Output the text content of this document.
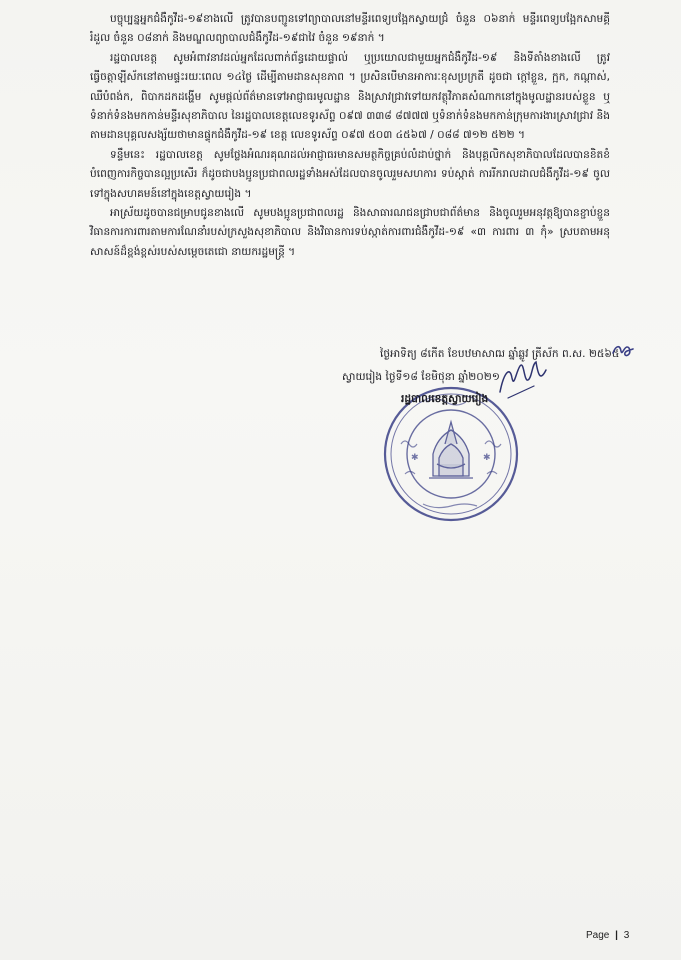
បច្ចុប្បន្នអ្នកជំងឺកូវីដ-១៩ខាងលើ ត្រូវបានបញ្ជូនទៅព្យាបាលនៅមន្ទីរពេទ្យបង្អែកស្វាយជ្រំ ចំនួន ០៦នាក់ មន្ទីរពេទ្យបង្អែកសាមគ្គីរំដួល ចំនួន ០៨នាក់ និងមណ្ឌលព្យាបាលជំងឺកូវីដ-១៩ជាវៃ ចំនួន ១៩នាក់ ។

រដ្ឋបាលខេត្ត សូមអំពាវនាវដល់អ្នកដែលពាក់ព័ន្ធដោយផ្ទាល់ ឬប្រយោលជាមួយអ្នកជំងឺកូវីដ-១៩ និងទីតាំងខាងលើ ត្រូវធ្វើចត្តាឡីស័កនៅតាមផ្ទះរយៈពេល ១៤ថ្ងៃ ដើម្បីតាមដានសុខភាព ។ ប្រសិនបើមានអាការៈខុសប្រក្រតី ដូចជា ក្តៅខ្លួន, ក្អក, កណ្តាស់, ឈឺបំពង់ក, ពិបាកដកដង្ហើម សូមផ្តល់ព័ត៌មានទៅអាជ្ញាធរមូលដ្ឋាន និងស្រាវជ្រាវទៅយកវត្ថុវិភាគសំណាកនៅក្នុងមូលដ្ឋានរបស់ខ្លួន ឬទំនាក់ទំនងមកកាន់មន្ទីរសុខាភិបាល នៃរដ្ឋបាលខេត្តលេខទូរស័ព្ទ ០៩៧ ៣៣៨ ៨៧៧៧ ឬទំនាក់ទំនងមកកាន់ក្រុមការងារស្រាវជ្រាវ និងតាមដានបុគ្គលសង្ស័យថាមានផ្ទុកជំងឺកូវីដ-១៩ ខេត្ត លេខទូរស័ព្ទ ០៩៧ ៥០៣ ៤៥៦៧ / ០៨៨ ៧១២ ៥២២ ។

ទន្ទឹមនេះ រដ្ឋបាលខេត្ត សូមថ្លែងអំណរគុណដល់អាជ្ញាធរមានសមត្ថកិច្ចគ្រប់លំដាប់ថ្នាក់ និងបុគ្គលិកសុខាភិបាលដែលបានខិតខំបំពេញការកិច្ចបានល្អប្រសើរ ក៏ដូចជាបងប្អូនប្រជាពលរដ្ឋទាំងអស់ដែលបានចូលរួមសហការ ទប់ស្កាត់ ការរីករាលដាលជំងឺកូវីដ-១៩ ចូលទៅក្នុងសហគមន៍នៅក្នុងខេត្តស្វាយរៀង ។

អាស្រ័យដូចបានជម្រាបជូនខាងលើ សូមបងប្អូនប្រជាពលរដ្ឋ និងសាធារណជនជ្រាបជាព័ត៌មាន និងចូលរួមអនុវត្តឱ្យបានខ្ជាប់ខ្ជួនវិធានការការពារតាមការណែនាំរបស់ក្រសួងសុខាភិបាល និងវិធានការទប់ស្កាត់ការពារជំងឺកូវីដ-១៩ «៣ ការពារ ៣ កុំ» ស្របតាមអនុសាសន៍ដ៏ខ្ពង់ខ្ពស់របស់សម្តេចតេជោ នាយករដ្ឋមន្ត្រី ។

ថ្ងៃអាទិត្យ ៨កើត ខែបឋមាសាឍ ឆ្នាំឆ្លូវ ត្រីស័ក ព.ស. ២៥៦៥
ស្វាយរៀង ថ្ងៃទី១៨ ខែមិថុនា ឆ្នាំ២០២១
✱	✱
រដ្ឋបាលខេត្តស្វាយរៀង
Page | 3
